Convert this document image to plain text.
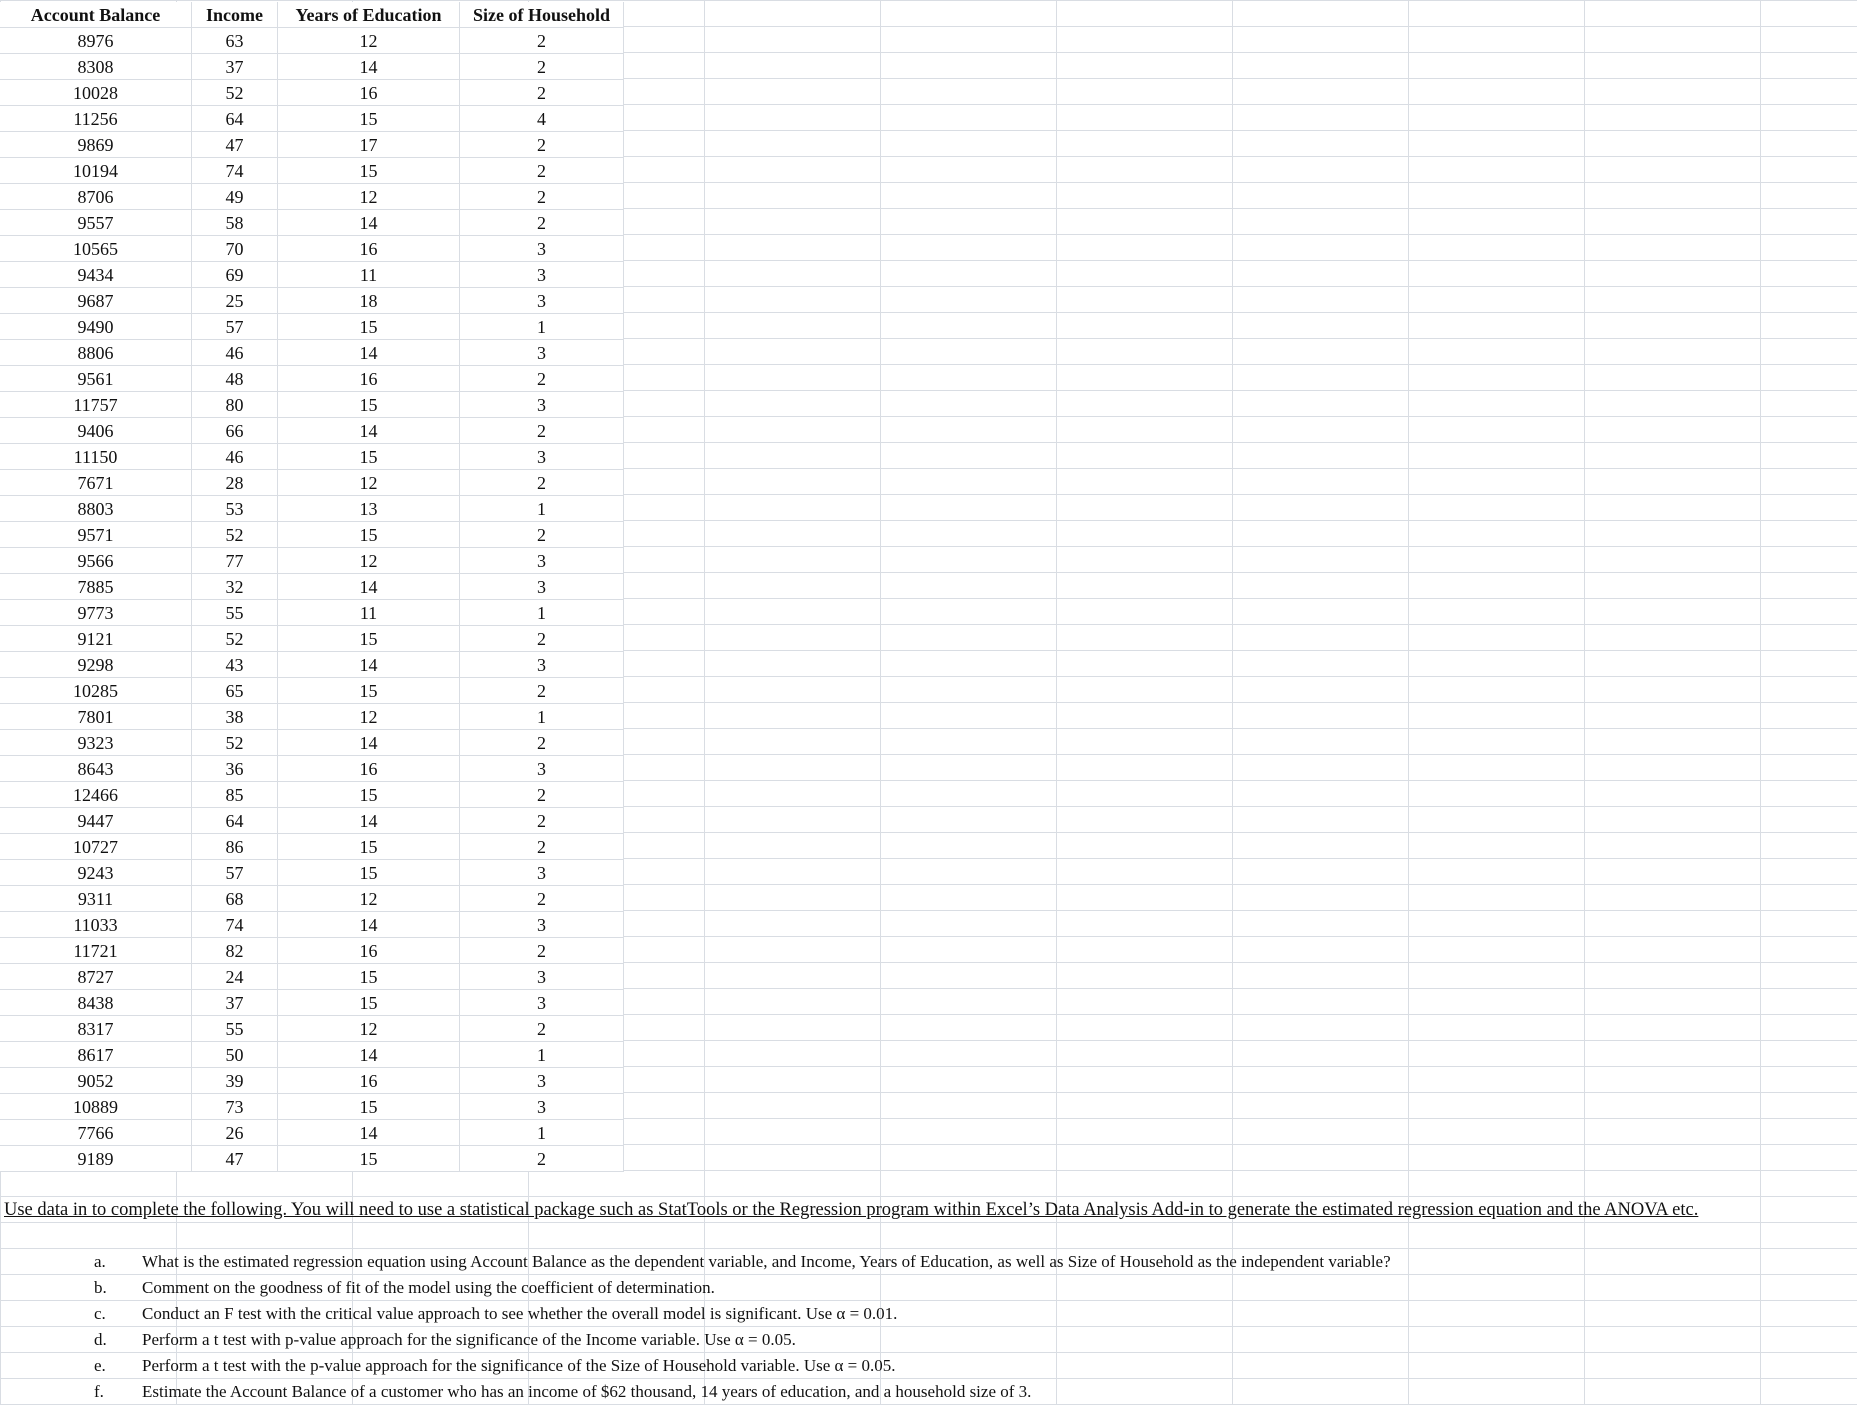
Account Balance	Income	Years of Education	Size of Household
8976	63	12	2
8308	37	14	2
10028	52	16	2
11256	64	15	4
9869	47	17	2
10194	74	15	2
8706	49	12	2
9557	58	14	2
10565	70	16	3
9434	69	11	3
9687	25	18	3
9490	57	15	1
8806	46	14	3
9561	48	16	2
11757	80	15	3
9406	66	14	2
11150	46	15	3
7671	28	12	2
8803	53	13	1
9571	52	15	2
9566	77	12	3
7885	32	14	3
9773	55	11	1
9121	52	15	2
9298	43	14	3
10285	65	15	2
7801	38	12	1
9323	52	14	2
8643	36	16	3
12466	85	15	2
9447	64	14	2
10727	86	15	2
9243	57	15	3
9311	68	12	2
11033	74	14	3
11721	82	16	2
8727	24	15	3
8438	37	15	3
8317	55	12	2
8617	50	14	1
9052	39	16	3
10889	73	15	3
7766	26	14	1
9189	47	15	2
Use data in to complete the following. You will need to use a statistical package such as StatTools or the Regression program within Excel’s Data Analysis Add-in to generate the estimated regression equation and the ANOVA etc.
a. What is the estimated regression equation using Account Balance as the dependent variable, and Income, Years of Education, as well as Size of Household as the independent variable?
b. Comment on the goodness of fit of the model using the coefficient of determination.
c. Conduct an F test with the critical value approach to see whether the overall model is significant. Use α = 0.01.
d. Perform a t test with p-value approach for the significance of the Income variable. Use α = 0.05.
e. Perform a t test with the p-value approach for the significance of the Size of Household variable. Use α = 0.05.
f. Estimate the Account Balance of a customer who has an income of $62 thousand, 14 years of education, and a household size of 3.
